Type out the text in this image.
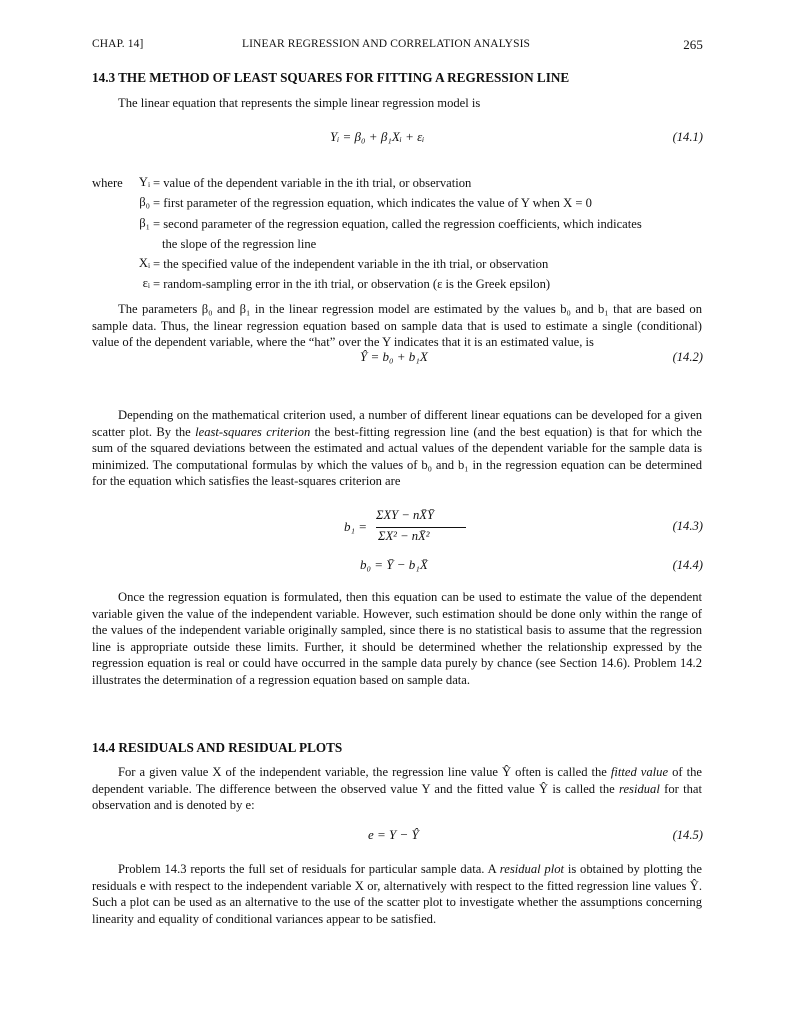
CHAP. 14]	LINEAR REGRESSION AND CORRELATION ANALYSIS	265
14.3 THE METHOD OF LEAST SQUARES FOR FITTING A REGRESSION LINE
The linear equation that represents the simple linear regression model is
Yᵢ = β₀ + β₁Xᵢ + εᵢ	(14.1)
where	Yᵢ = value of the dependent variable in the ith trial, or observation
β₀ = first parameter of the regression equation, which indicates the value of Y when X = 0
β₁ = second parameter of the regression equation, called the regression coefficients, which indicates
the slope of the regression line
Xᵢ = the specified value of the independent variable in the ith trial, or observation
εᵢ = random-sampling error in the ith trial, or observation (ε is the Greek epsilon)
The parameters β₀ and β₁ in the linear regression model are estimated by the values b₀ and b₁ that are based on sample data. Thus, the linear regression equation based on sample data that is used to estimate a single (conditional) value of the dependent variable, where the “hat” over the Y indicates that it is an estimated value, is
Ŷ = b₀ + b₁X	(14.2)
Depending on the mathematical criterion used, a number of different linear equations can be developed for a given scatter plot. By the least-squares criterion the best-fitting regression line (and the best equation) is that for which the sum of the squared deviations between the estimated and actual values of the dependent variable for the sample data is minimized. The computational formulas by which the values of b₀ and b₁ in the regression equation can be determined for the equation which satisfies the least-squares criterion are
b₁ =
ΣXY − nX̄Ȳ
ΣX² − nX̄²
(14.3)
b₀ = Ȳ − b₁X̄	(14.4)
Once the regression equation is formulated, then this equation can be used to estimate the value of the dependent variable given the value of the independent variable. However, such estimation should be done only within the range of the values of the independent variable originally sampled, since there is no statistical basis to assume that the regression line is appropriate outside these limits. Further, it should be determined whether the relationship expressed by the regression equation is real or could have occurred in the sample data purely by chance (see Section 14.6). Problem 14.2 illustrates the determination of a regression equation based on sample data.
14.4 RESIDUALS AND RESIDUAL PLOTS
For a given value X of the independent variable, the regression line value Ŷ often is called the fitted value of the dependent variable. The difference between the observed value Y and the fitted value Ŷ is called the residual for that observation and is denoted by e:
e = Y − Ŷ	(14.5)
Problem 14.3 reports the full set of residuals for particular sample data. A residual plot is obtained by plotting the residuals e with respect to the independent variable X or, alternatively with respect to the fitted regression line values Ŷ. Such a plot can be used as an alternative to the use of the scatter plot to investigate whether the assumptions concerning linearity and equality of conditional variances appear to be satisfied.
